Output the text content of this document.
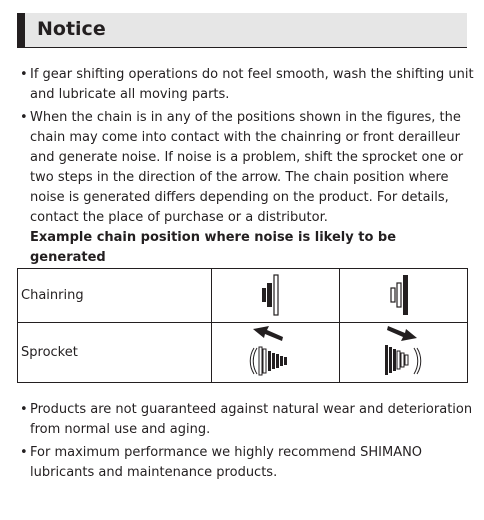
Notice
• If gear shifting operations do not feel smooth, wash the shifting unit and lubricate all moving parts.
• When the chain is in any of the positions shown in the figures, the chain may come into contact with the chainring or front derailleur and generate noise. If noise is a problem, shift the sprocket one or two steps in the direction of the arrow. The chain position where noise is generated differs depending on the product. For details, contact the place of purchase or a distributor.
Example chain position where noise is likely to be generated
Chainring	

Sprocket	

• Products are not guaranteed against natural wear and deterioration from normal use and aging.
• For maximum performance we highly recommend SHIMANO lubricants and maintenance products.
